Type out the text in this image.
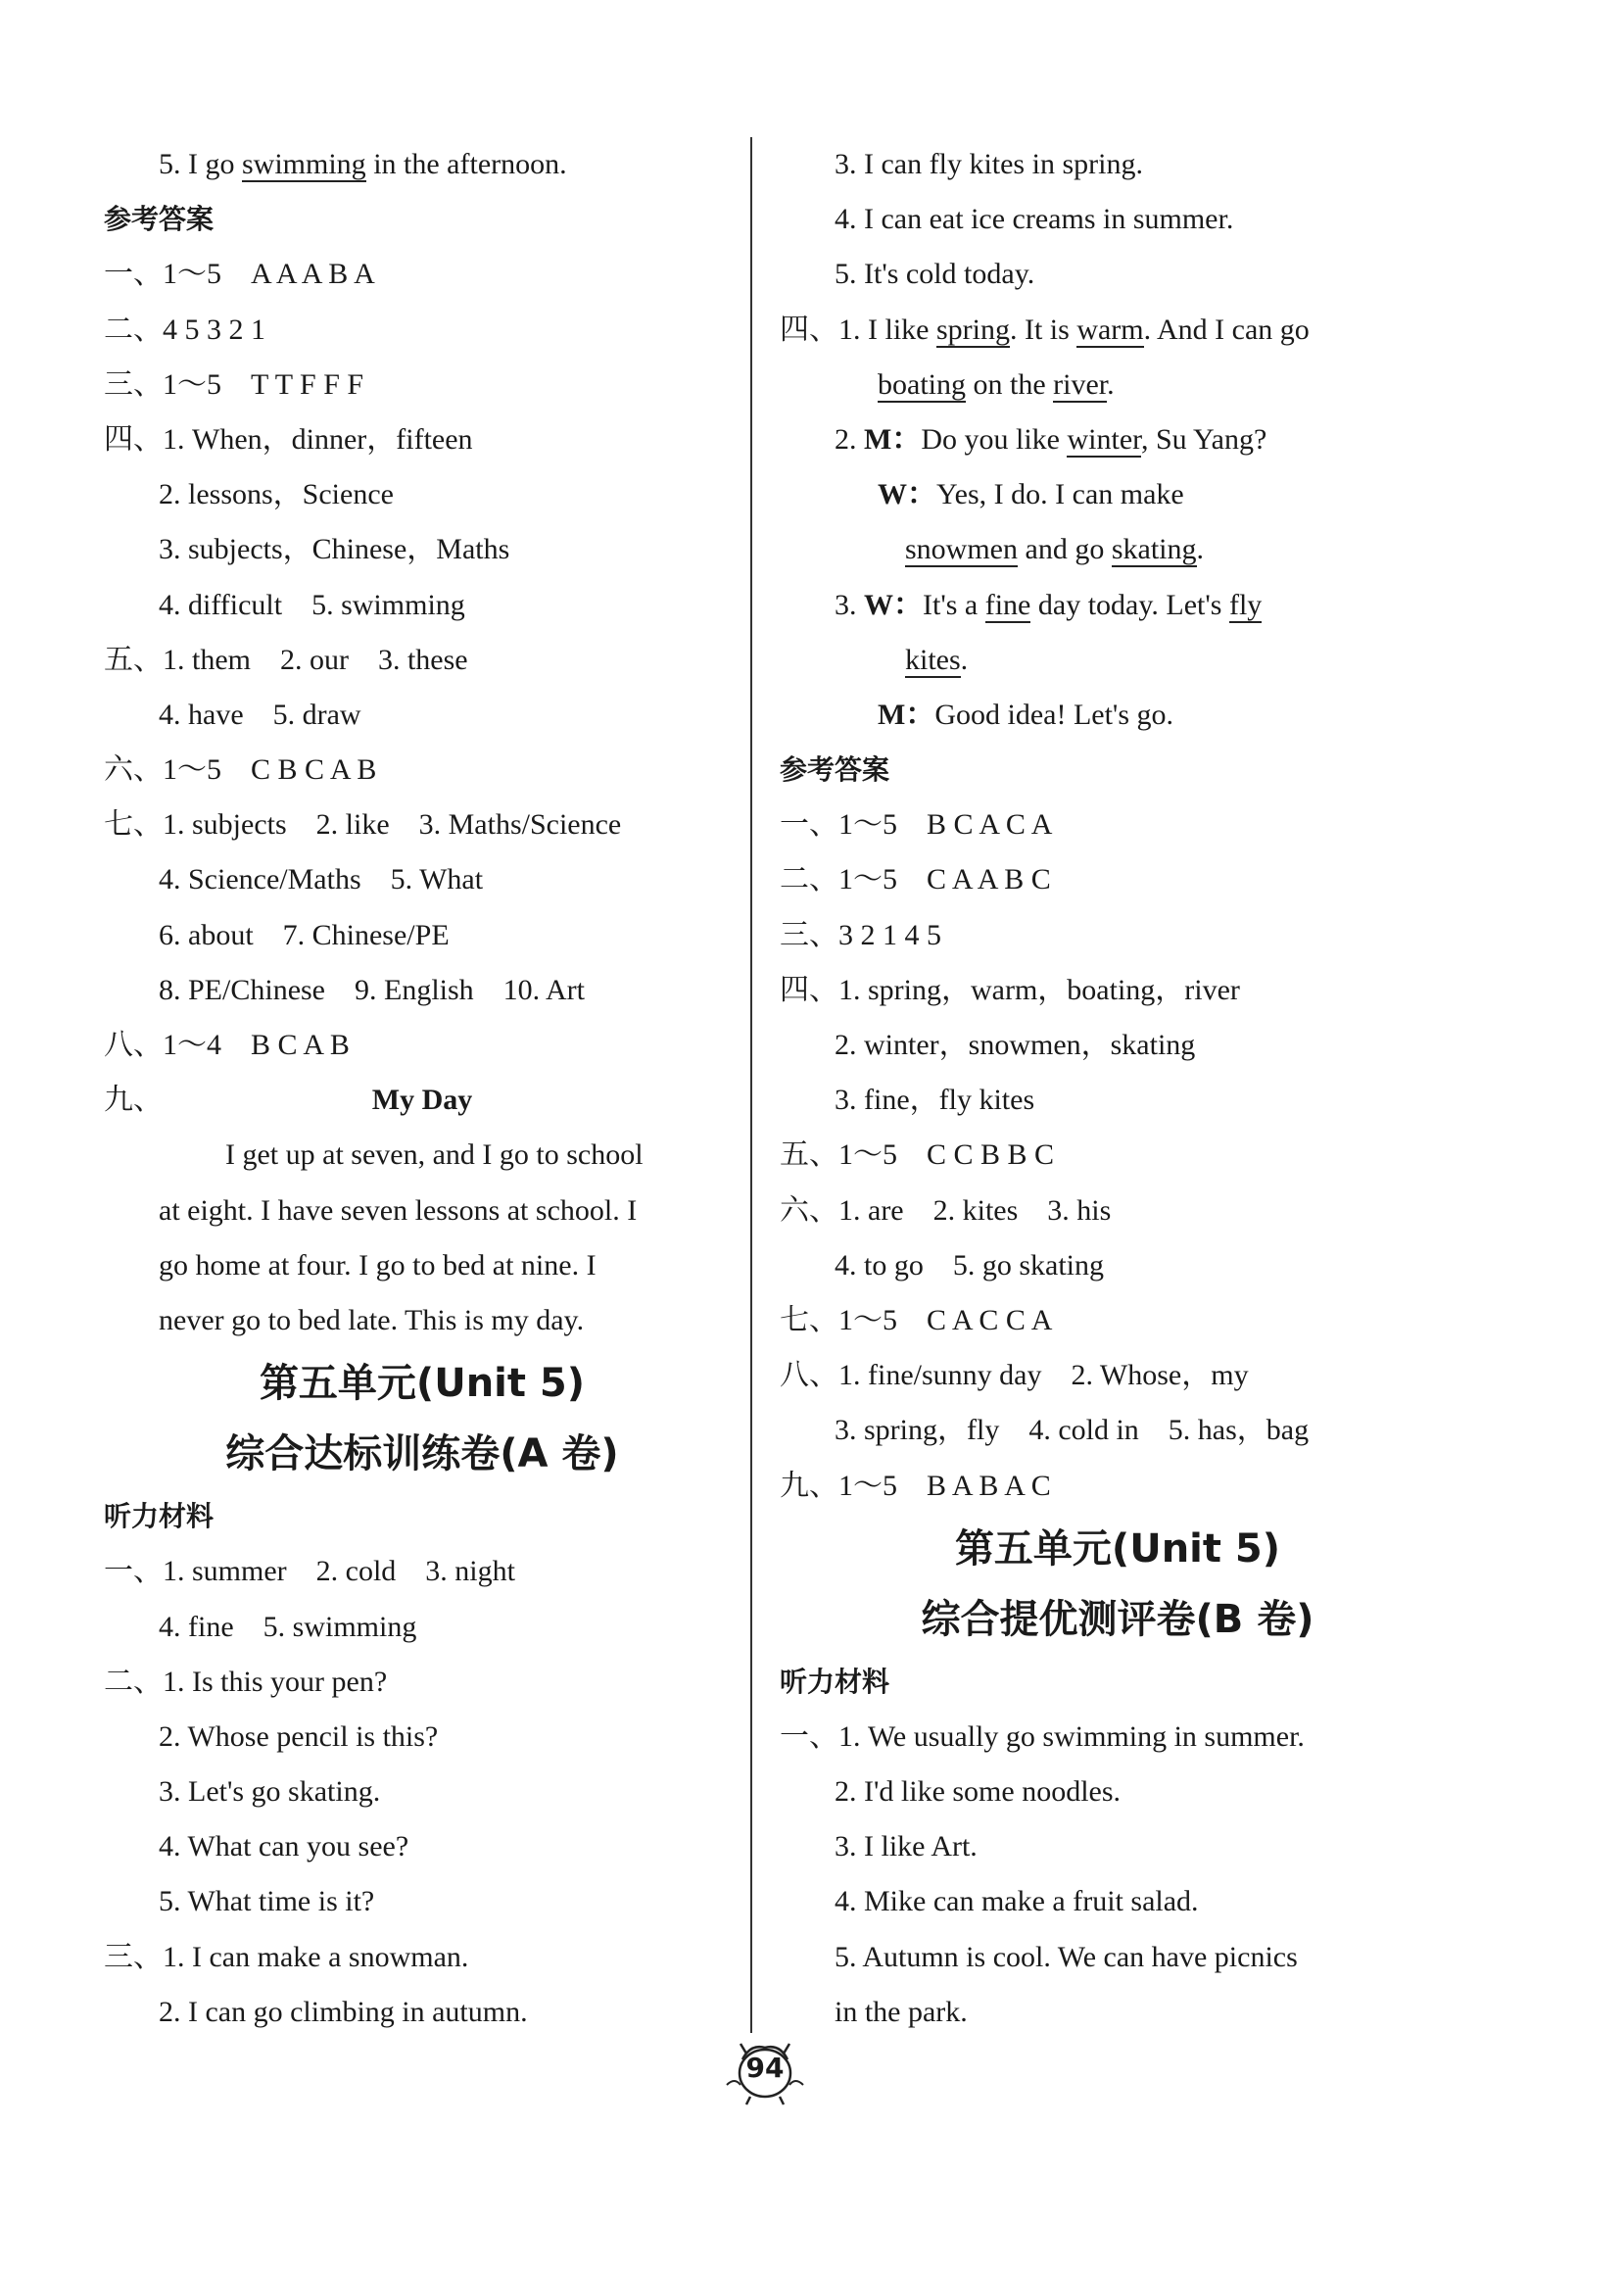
5. I go swimming in the afternoon.
参考答案
一、1～5　A A A B A
二、4 5 3 2 1
三、1～5　T T F F F
四、1. When，dinner，fifteen
2. lessons，Science
3. subjects，Chinese，Maths
4. difficult　5. swimming
五、1. them　2. our　3. these
4. have　5. draw
六、1～5　C B C A B
七、1. subjects　2. like　3. Maths/Science
4. Science/Maths　5. What
6. about　7. Chinese/PE
8. PE/Chinese　9. English　10. Art
八、1～4　B C A B
九、	My Day
I get up at seven, and I go to school
at eight. I have seven lessons at school. I
go home at four. I go to bed at nine. I
never go to bed late. This is my day.
第五单元(Unit 5)
综合达标训练卷(A 卷)
听力材料
一、1. summer　2. cold　3. night
4. fine　5. swimming
二、1. Is this your pen?
2. Whose pencil is this?
3. Let's go skating.
4. What can you see?
5. What time is it?
三、1. I can make a snowman.
2. I can go climbing in autumn.
3. I can fly kites in spring.
4. I can eat ice creams in summer.
5. It's cold today.
四、1. I like spring. It is warm. And I can go
boating on the river.
2. M：Do you like winter, Su Yang?
W：Yes, I do. I can make
snowmen and go skating.
3. W：It's a fine day today. Let's fly
kites.
M：Good idea! Let's go.
参考答案
一、1～5　B C A C A
二、1～5　C A A B C
三、3 2 1 4 5
四、1. spring，warm，boating，river
2. winter，snowmen，skating
3. fine，fly kites
五、1～5　C C B B C
六、1. are　2. kites　3. his
4. to go　5. go skating
七、1～5　C A C C A
八、1. fine/sunny day　2. Whose，my
3. spring，fly　4. cold in　5. has，bag
九、1～5　B A B A C
第五单元(Unit 5)
综合提优测评卷(B 卷)
听力材料
一、1. We usually go swimming in summer.
2. I'd like some noodles.
3. I like Art.
4. Mike can make a fruit salad.
5. Autumn is cool. We can have picnics
in the park.
94
